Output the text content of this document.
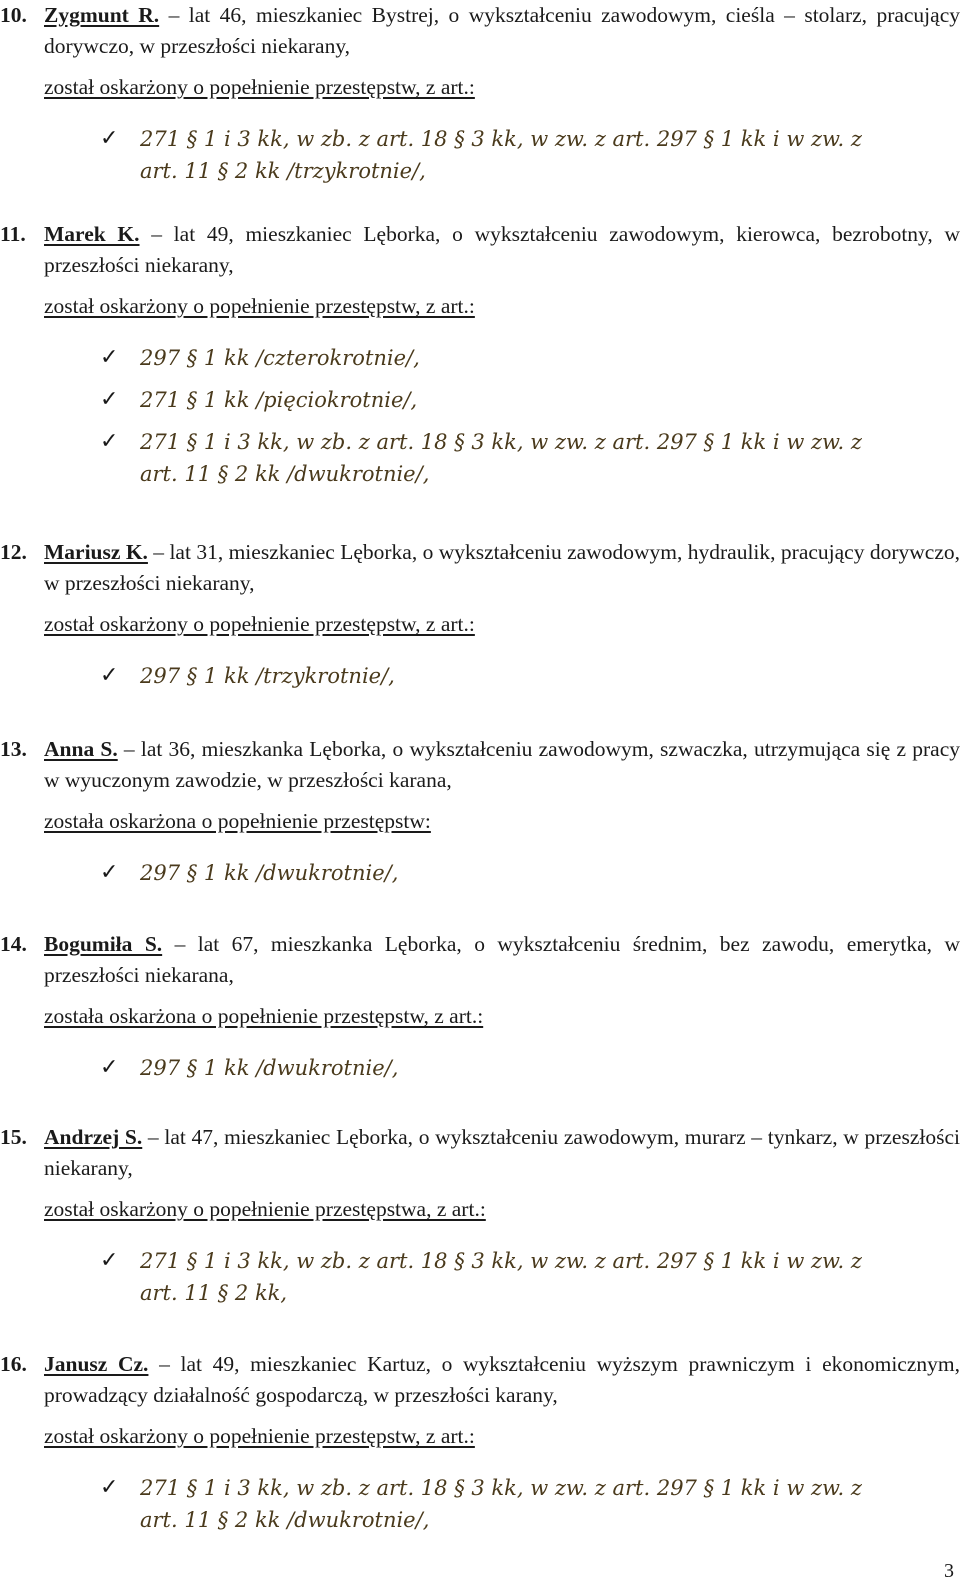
10. Zygmunt R. – lat 46, mieszkaniec Bystrej, o wykształceniu zawodowym, cieśla – stolarz, pracujący dorywczo, w przeszłości niekarany,
został oskarżony o popełnienie przestępstw, z art.:
✓ 271 § 1 i 3 kk, w zb. z art. 18 § 3 kk, w zw. z art. 297 § 1 kk i w zw. z art. 11 § 2 kk /trzykrotnie/,
11. Marek K. – lat 49, mieszkaniec Lęborka, o wykształceniu zawodowym, kierowca, bezrobotny, w przeszłości niekarany,
został oskarżony o popełnienie przestępstw, z art.:
✓ 297 § 1 kk /czterokrotnie/,
✓ 271 § 1 kk /pięciokrotnie/,
✓ 271 § 1 i 3 kk, w zb. z art. 18 § 3 kk, w zw. z art. 297 § 1 kk i w zw. z art. 11 § 2 kk /dwukrotnie/,
12. Mariusz K. – lat 31, mieszkaniec Lęborka, o wykształceniu zawodowym, hydraulik, pracujący dorywczo, w przeszłości niekarany,
został oskarżony o popełnienie przestępstw, z art.:
✓ 297 § 1 kk /trzykrotnie/,
13. Anna S. – lat 36, mieszkanka Lęborka, o wykształceniu zawodowym, szwaczka, utrzymująca się z pracy w wyuczonym zawodzie, w przeszłości karana,
została oskarżona o popełnienie przestępstw:
✓ 297 § 1 kk /dwukrotnie/,
14. Bogumiła S. – lat 67, mieszkanka Lęborka, o wykształceniu średnim, bez zawodu, emerytka, w przeszłości niekarana,
została oskarżona o popełnienie przestępstw, z art.:
✓ 297 § 1 kk /dwukrotnie/,
15. Andrzej S. – lat 47, mieszkaniec Lęborka, o wykształceniu zawodowym, murarz – tynkarz, w przeszłości niekarany,
został oskarżony o popełnienie przestępstwa, z art.:
✓ 271 § 1 i 3 kk, w zb. z art. 18 § 3 kk, w zw. z art. 297 § 1 kk i w zw. z art. 11 § 2 kk,
16. Janusz Cz. – lat 49, mieszkaniec Kartuz, o wykształceniu wyższym prawniczym i ekonomicznym, prowadzący działalność gospodarczą, w przeszłości karany,
został oskarżony o popełnienie przestępstw, z art.:
✓ 271 § 1 i 3 kk, w zb. z art. 18 § 3 kk, w zw. z art. 297 § 1 kk i w zw. z art. 11 § 2 kk /dwukrotnie/,
3
